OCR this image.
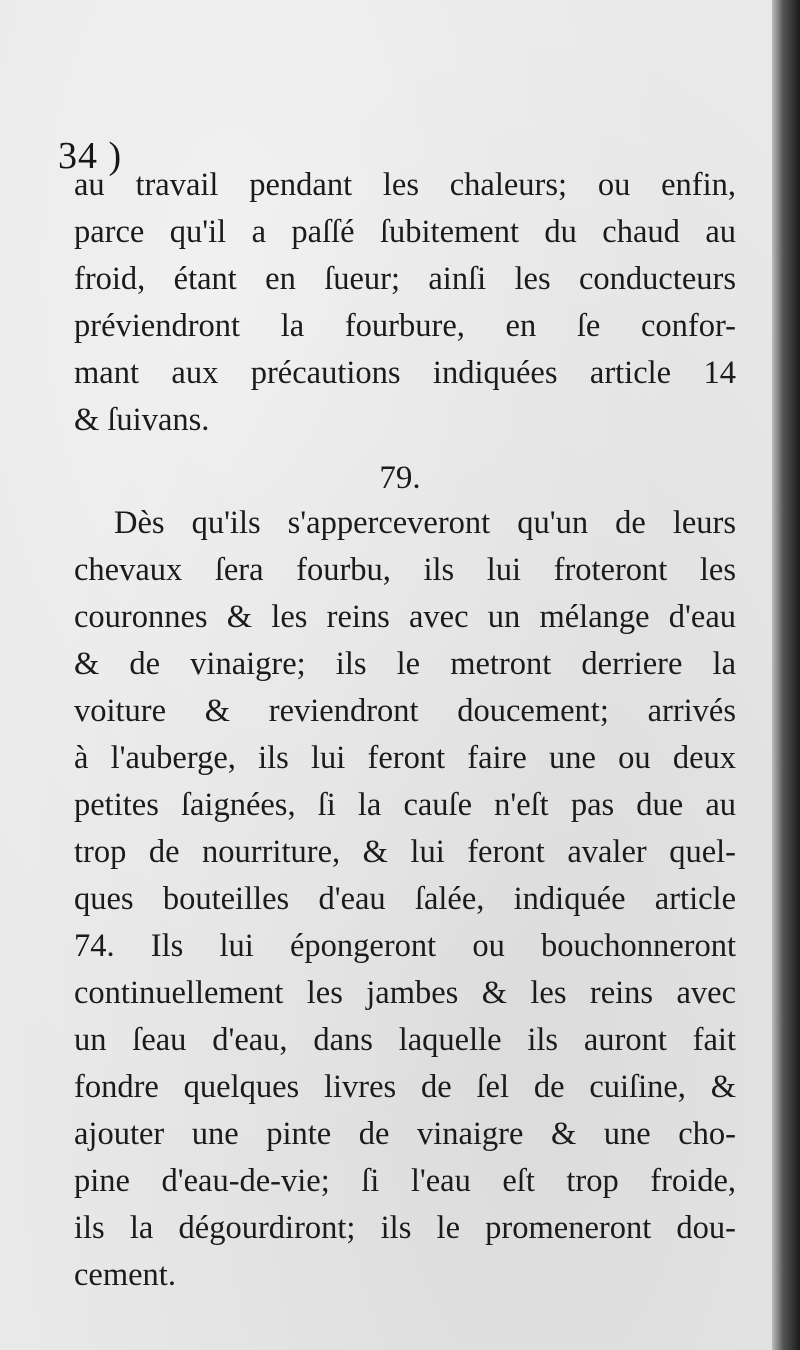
34 )
au travail pendant les chaleurs; ou enfin,
parce qu'il a paſſé ſubitement du chaud au
froid, étant en ſueur; ainſi les conducteurs
préviendront la fourbure, en ſe confor-
mant aux précautions indiquées article 14
& ſuivans.
79.
Dès qu'ils s'apperceveront qu'un de leurs
chevaux ſera fourbu, ils lui froteront les
couronnes & les reins avec un mélange d'eau
& de vinaigre; ils le metront derriere la
voiture & reviendront doucement; arrivés
à l'auberge, ils lui feront faire une ou deux
petites ſaignées, ſi la cauſe n'eſt pas due au
trop de nourriture, & lui feront avaler quel-
ques bouteilles d'eau ſalée, indiquée article
74. Ils lui épongeront ou bouchonneront
continuellement les jambes & les reins avec
un ſeau d'eau, dans laquelle ils auront fait
fondre quelques livres de ſel de cuiſine, &
ajouter une pinte de vinaigre & une cho-
pine d'eau-de-vie; ſi l'eau eſt trop froide,
ils la dégourdiront; ils le promeneront dou-
cement.
